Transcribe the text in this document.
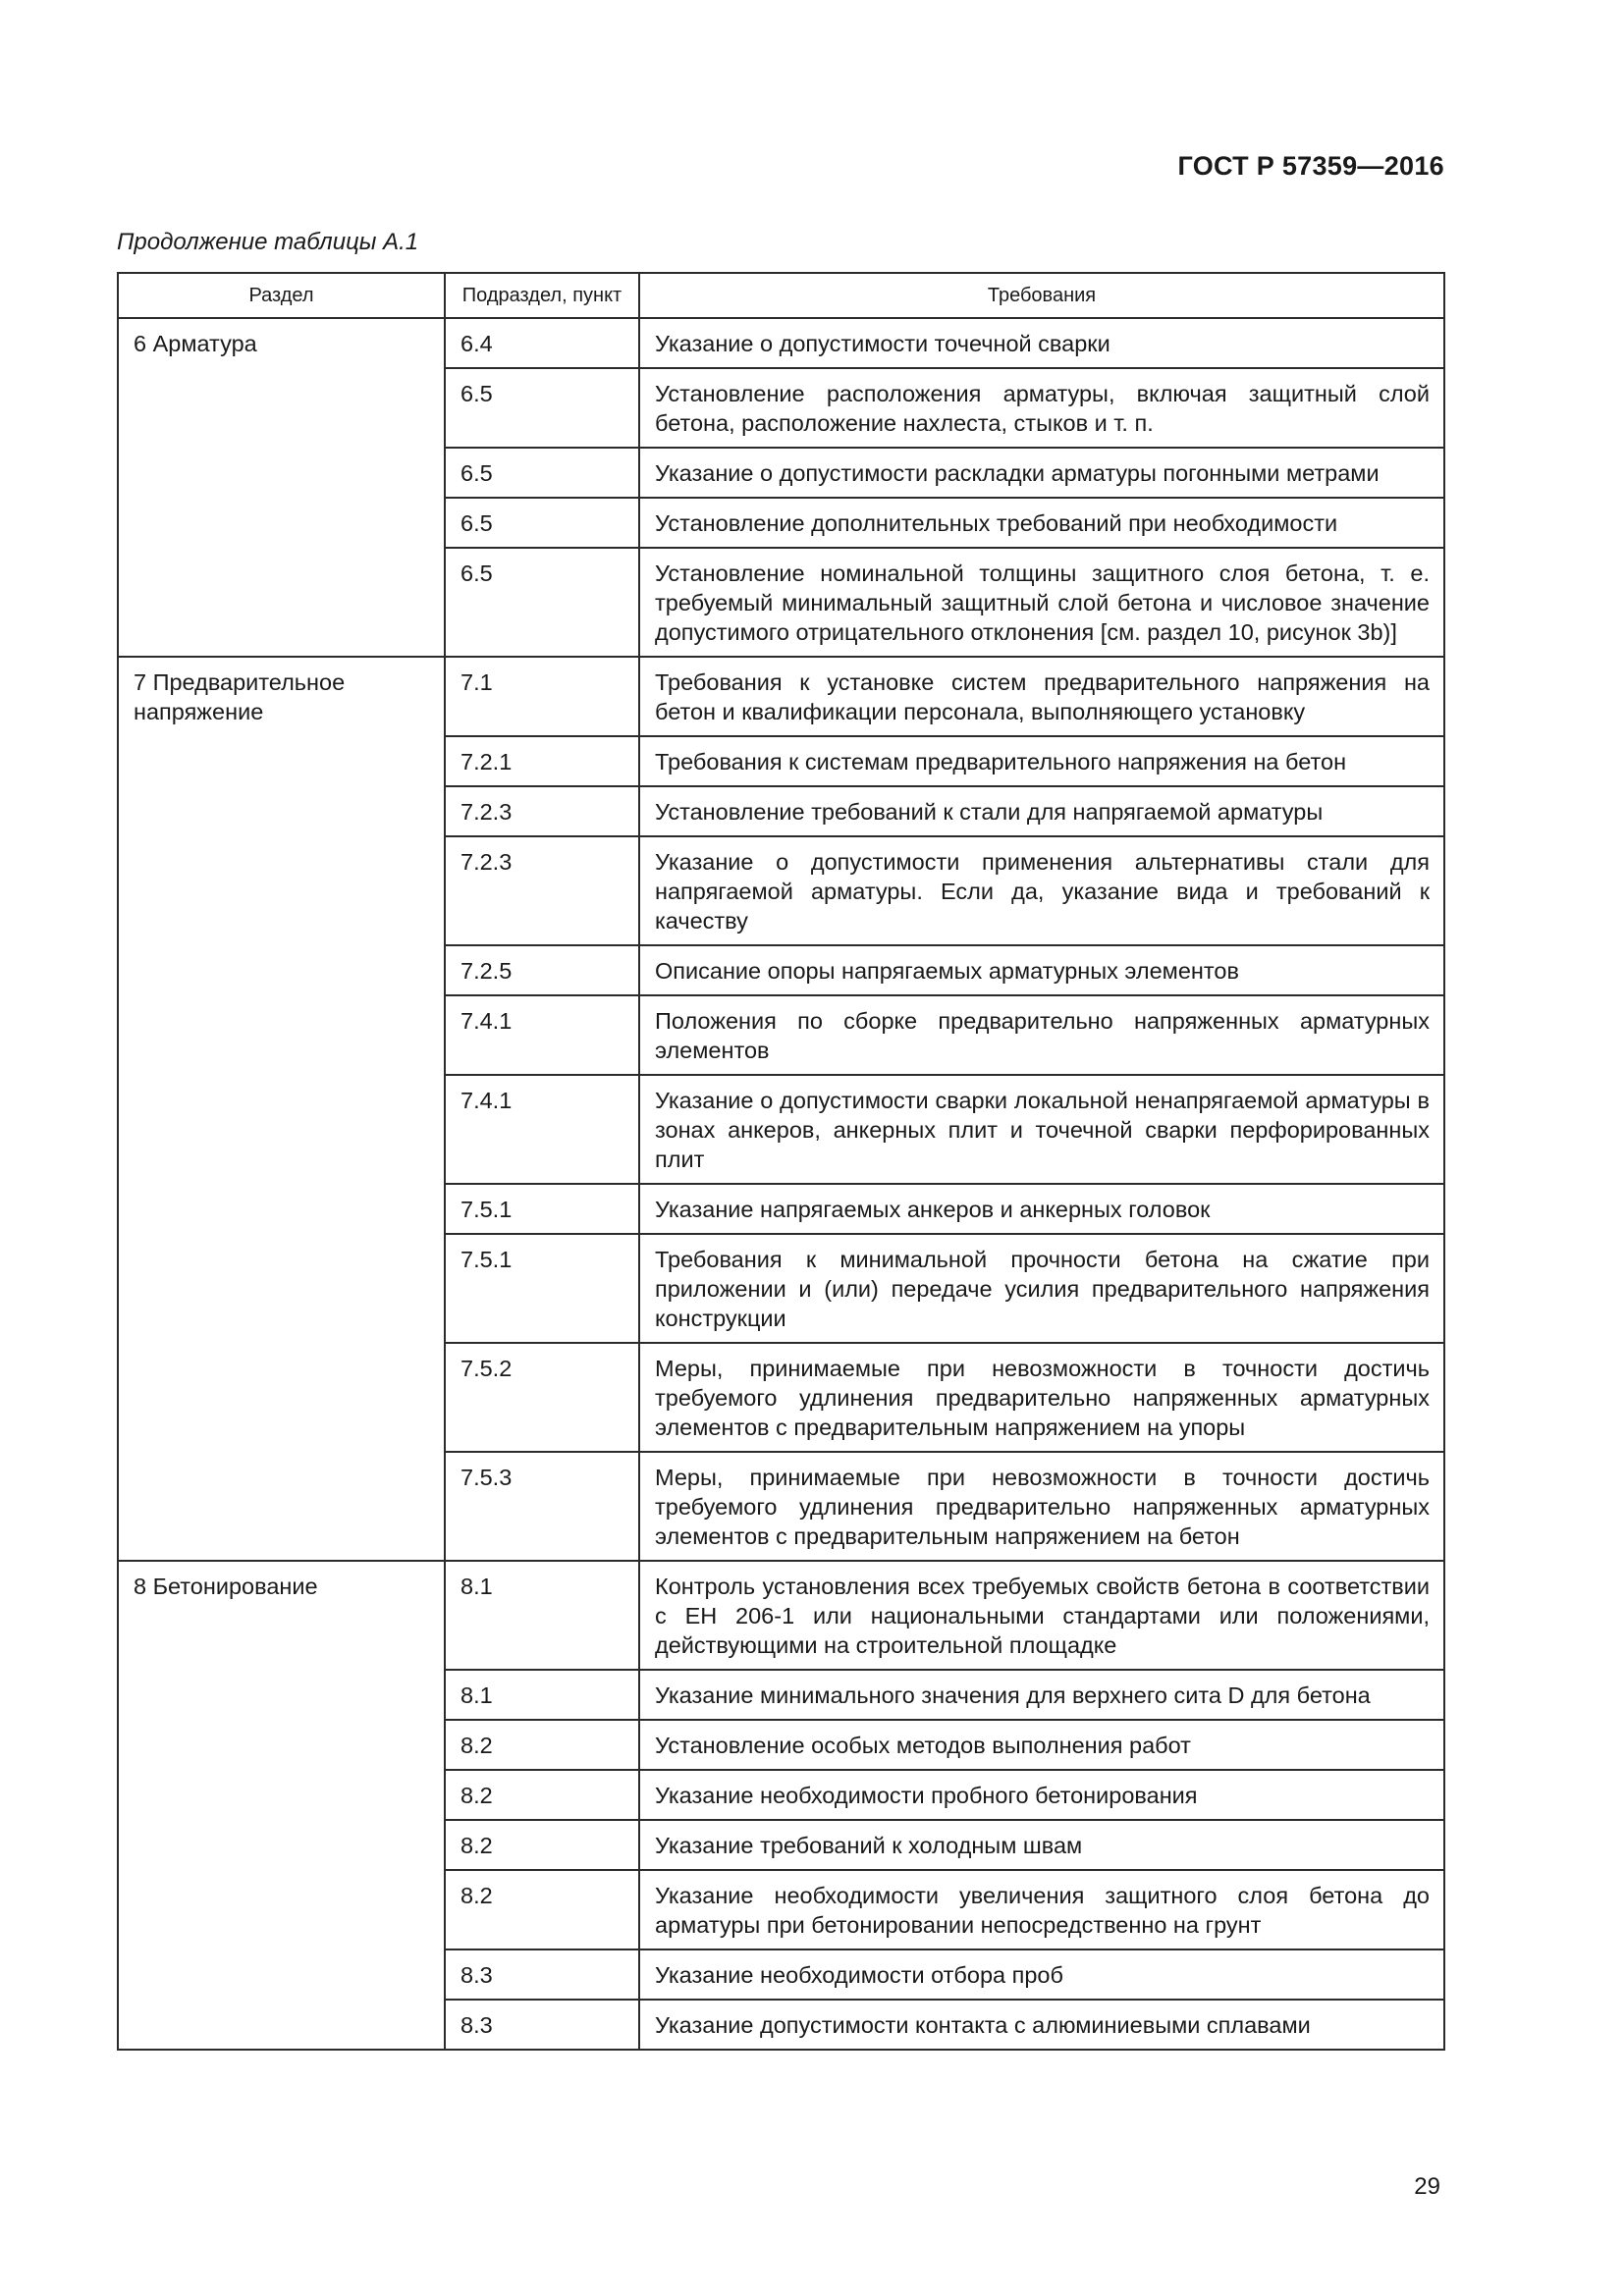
ГОСТ Р 57359—2016
Продолжение таблицы А.1
Раздел	Подраздел, пункт	Требования
6 Арматура	6.4	Указание о допустимости точечной сварки
	6.5	Установление расположения арматуры, включая защитный слой бетона, расположение нахлеста, стыков и т. п.
	6.5	Указание о допустимости раскладки арматуры погонными метрами
	6.5	Установление дополнительных требований при необходимости
	6.5	Установление номинальной толщины защитного слоя бетона, т. е. требуемый минимальный защитный слой бетона и числовое значение допустимого отрицательного отклонения [см. раздел 10, рисунок 3b)]
7 Предварительное напряжение	7.1	Требования к установке систем предварительного напряжения на бетон и квалификации персонала, выполняющего установку
	7.2.1	Требования к системам предварительного напряжения на бетон
	7.2.3	Установление требований к стали для напрягаемой арматуры
	7.2.3	Указание о допустимости применения альтернативы стали для напрягаемой арматуры. Если да, указание вида и требований к качеству
	7.2.5	Описание опоры напрягаемых арматурных элементов
	7.4.1	Положения по сборке предварительно напряженных арматурных элементов
	7.4.1	Указание о допустимости сварки локальной ненапрягаемой арматуры в зонах анкеров, анкерных плит и точечной сварки перфорированных плит
	7.5.1	Указание напрягаемых анкеров и анкерных головок
	7.5.1	Требования к минимальной прочности бетона на сжатие при приложении и (или) передаче усилия предварительного напряжения конструкции
	7.5.2	Меры, принимаемые при невозможности в точности достичь требуемого удлинения предварительно напряженных арматурных элементов с предварительным напряжением на упоры
	7.5.3	Меры, принимаемые при невозможности в точности достичь требуемого удлинения предварительно напряженных арматурных элементов с предварительным напряжением на бетон
8 Бетонирование	8.1	Контроль установления всех требуемых свойств бетона в соответствии с ЕН 206-1 или национальными стандартами или положениями, действующими на строительной площадке
	8.1	Указание минимального значения для верхнего сита D для бетона
	8.2	Установление особых методов выполнения работ
	8.2	Указание необходимости пробного бетонирования
	8.2	Указание требований к холодным швам
	8.2	Указание необходимости увеличения защитного слоя бетона до арматуры при бетонировании непосредственно на грунт
	8.3	Указание необходимости отбора проб
	8.3	Указание допустимости контакта с алюминиевыми сплавами
29
